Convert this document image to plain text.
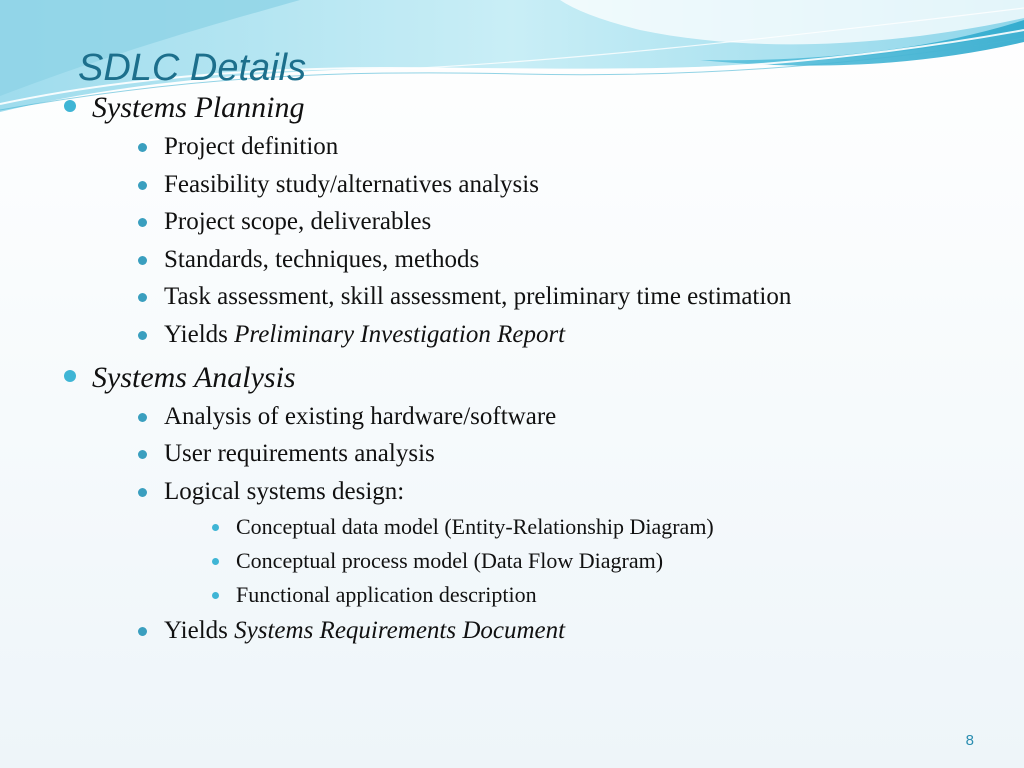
SDLC Details
Systems Planning
Project definition
Feasibility study/alternatives analysis
Project scope, deliverables
Standards, techniques, methods
Task assessment, skill assessment, preliminary time estimation
Yields Preliminary Investigation Report
Systems Analysis
Analysis of existing hardware/software
User requirements analysis
Logical systems design:
Conceptual data model (Entity-Relationship Diagram)
Conceptual process model (Data Flow Diagram)
Functional application description
Yields Systems Requirements Document
8
